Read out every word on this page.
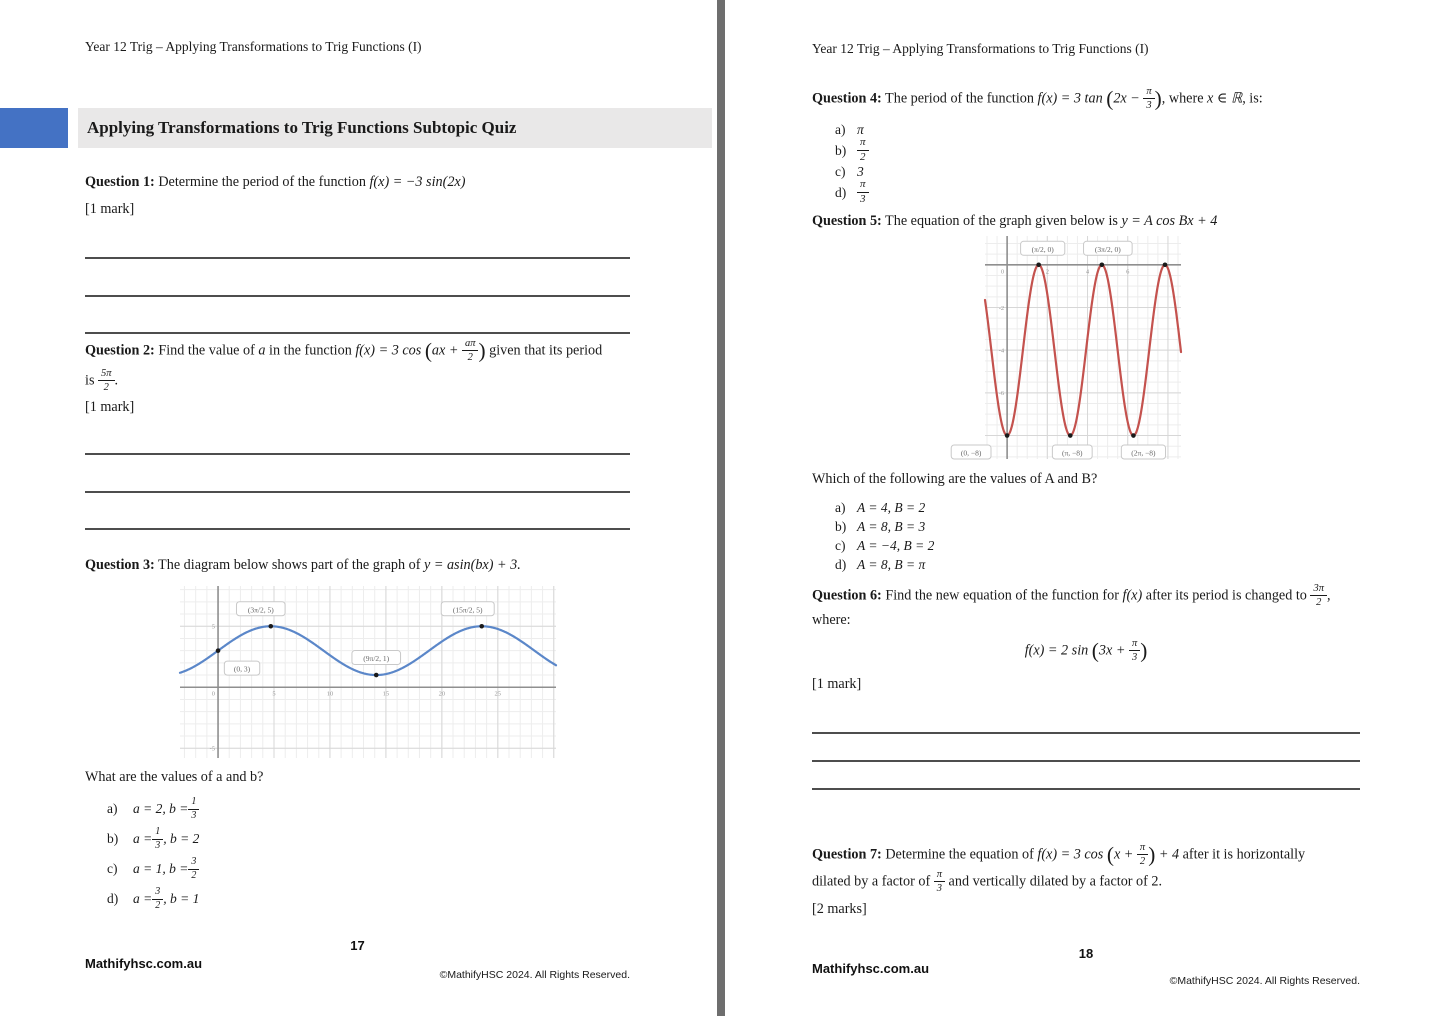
Year 12 Trig – Applying Transformations to Trig Functions (I)
Applying Transformations to Trig Functions Subtopic Quiz
Question 1: Determine the period of the function f(x) = −3 sin(2x)
[1 mark]
Question 2: Find the value of a in the function f(x) = 3 $\cos (ax + \frac{a\pi}{2}$ ) given that its period
is $\frac{5\pi}{2}$ .
[1 mark]
Question 3: The diagram below shows part of the graph of y = asin(bx) + 3.
0	5	10	15	20	25
5
-5
(0, 3)
(3π/2, 5)
(9π/2, 1)
(15π/2, 5)
What are the values of a and b?
a)	a = 2, $b = \frac{1}{3}$
b)	$a = \frac{1}{3}$ , b = 2
c)	a = 1, $b = \frac{3}{2}$
d)	$a = \frac{3}{2}$ , b = 1
17
Mathifyhsc.com.au
©MathifyHSC 2024. All Rights Reserved.
Year 12 Trig – Applying Transformations to Trig Functions (I)
Question 4: The period of the function f(x) = 3 $\tan (2x - \frac{\pi}{3}$ ), where x ∈ ℝ, is:
a) π
b)
π
2
c) 3
d)
π
3
Question 5: The equation of the graph given below is y = A cos Bx + 4
0	2	4	6
-2
-4
-6
(0, −8)
(π/2, 0)
(π, −8)
(3π/2, 0)
(2π, −8)
Which of the following are the values of A and B?
a) A = 4, B = 2
b) A = 8, B = 3
c) A = −4, B = 2
d) A = 8, B = π
Question 6: Find the new equation of the function for f(x) after its period is changed to $\frac{3\pi}{2}$ ,
where:
f(x) = 2 $\sin (3x + \frac{\pi}{3}$ )
[1 mark]
Question 7: Determine the equation of f(x) = 3 $\cos (x + \frac{\pi}{2}$ ) + 4 after it is horizontally
dilated by a factor of $\frac{\pi}{3}$ and vertically dilated by a factor of 2.
[2 marks]
18
Mathifyhsc.com.au
©MathifyHSC 2024. All Rights Reserved.
